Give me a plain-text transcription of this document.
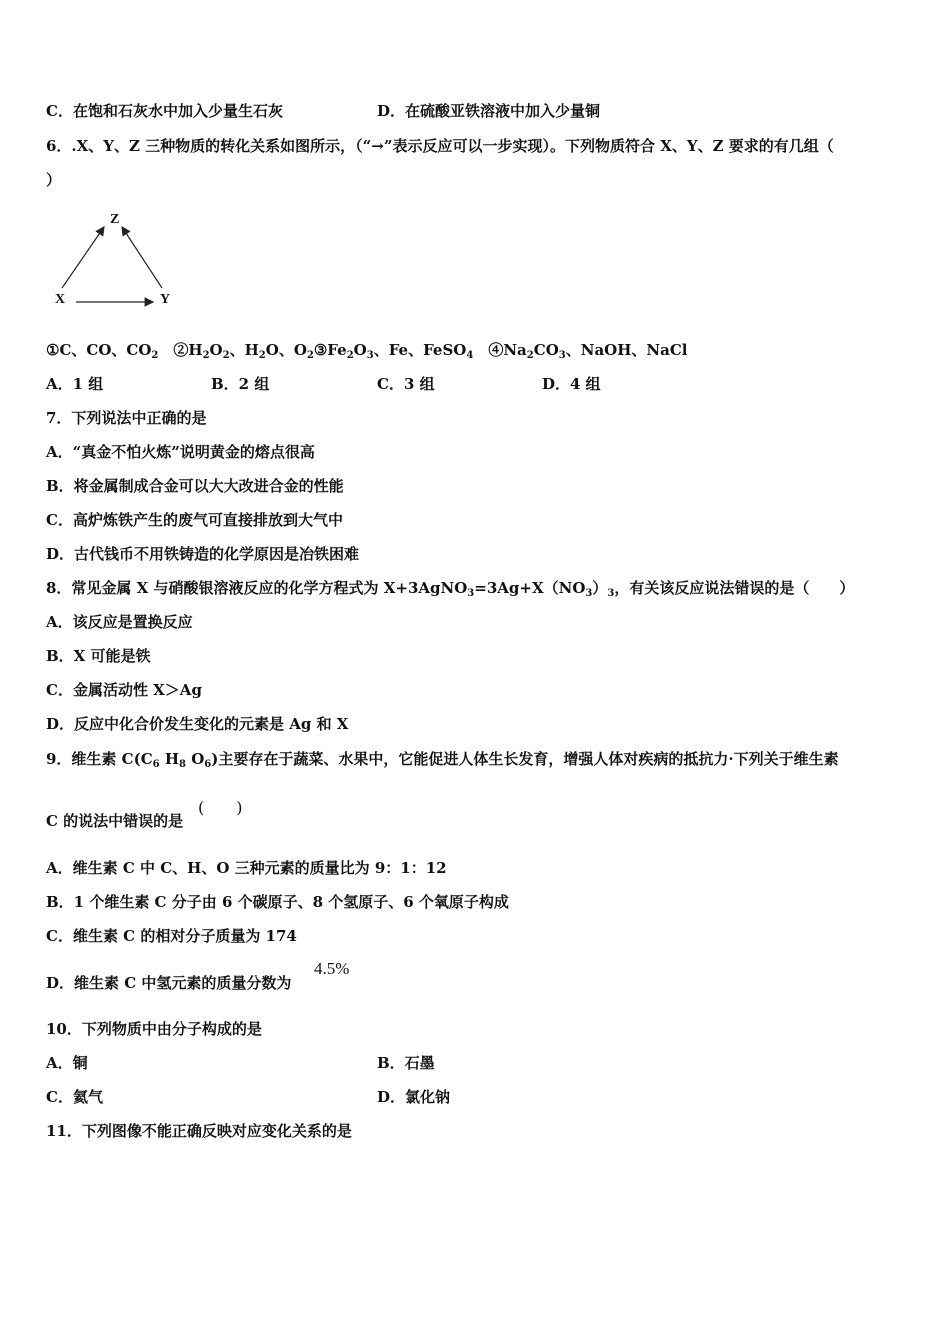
C．在饱和石灰水中加入少量生石灰	D．在硫酸亚铁溶液中加入少量铜
6．.X、Y、Z 三种物质的转化关系如图所示，（“→”表示反应可以一步实现）。下列物质符合 X、Y、Z 要求的有几组（
）
Z
X	Y
①C、CO、$CO_2$　 $②H_2O_2$、$H_2O$、$O_2③Fe_2O_3$、Fe、FeSO$_4$　 $④Na_2CO_3$、NaOH、NaCl
A．1 组	B．2 组	C．3 组	D．4 组
7．下列说法中正确的是
A．“真金不怕火炼”说明黄金的熔点很高
B．将金属制成合金可以大大改进合金的性能
C．高炉炼铁产生的废气可直接排放到大气中
D．古代钱币不用铁铸造的化学原因是冶铁困难
8．常见金属 X 与硝酸银溶液反应的化学方程式为 $X+3AgNO_3=3Ag+X(NO_3)_3$，有关该反应说法错误的是（　　）
A．该反应是置换反应
B．X 可能是铁
C．金属活动性 X＞Ag
D．反应中化合价发生变化的元素是 Ag 和 X
9．维生素 $C(C_6$ $H_8$ $O_6$)主要存在于蔬菜、水果中，它能促进人体生长发育，增强人体对疾病的抵抗力·下列关于维生素
C 的说法中错误的是
(　　)
A．维生素 C 中 C、H、O 三种元素的质量比为 9：1：12
B．1 个维生素 C 分子由 6 个碳原子、8 个氢原子、6 个氧原子构成
C．维生素 C 的相对分子质量为 174
D．维生素 C 中氢元素的质量分数为
4.5%
10．下列物质中由分子构成的是
A．铜	B．石墨
C．氦气	D．氯化钠
11．下列图像不能正确反映对应变化关系的是
